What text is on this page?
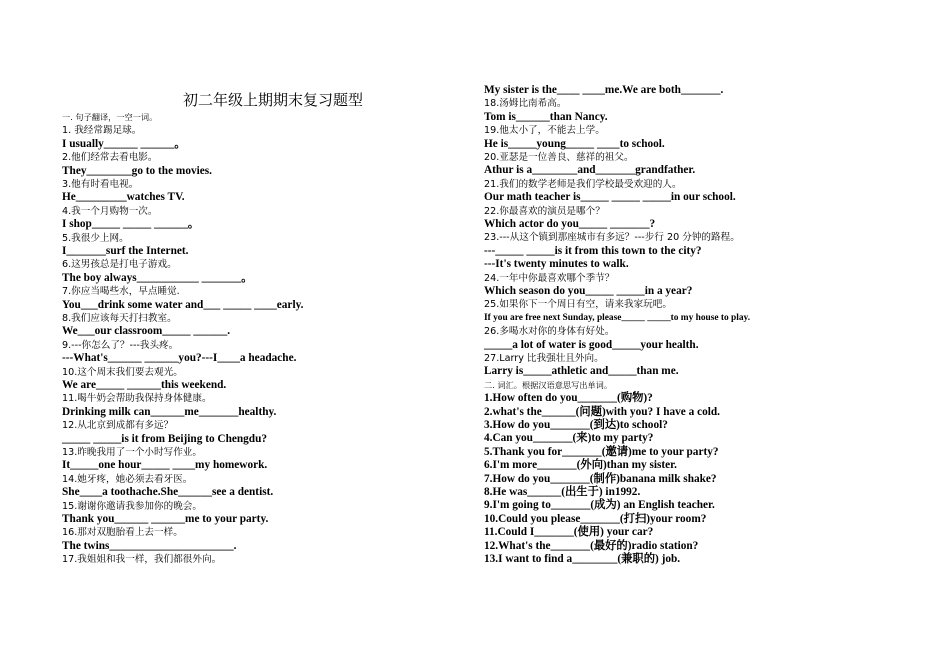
初二年级上期期末复习题型
一. 句子翻译，一空一词。
1. 我经常踢足球。
I usually______ ______。
2.他们经常去看电影。
They________go to the movies.
3.他有时看电视。
He_________watches TV.
4.我一个月购物一次。
I shop_____ _____ ______。
5.我很少上网。
I_______surf the Internet.
6.这男孩总是打电子游戏。
The boy always___________ _______。
7.你应当喝些水，早点睡觉.
You___drink some water and___ _____ ____early.
8.我们应该每天打扫教室。
We___our classroom_____ ______.
9.---你怎么了？---我头疼。
---What's______ ______you?---I____a headache.
10.这个周末我们要去观光。
We are_____ ______this weekend.
11.喝牛奶会帮助我保持身体健康。
Drinking milk can______me_______healthy.
12.从北京到成都有多远？
_____ _____is it from Beijing to Chengdu?
13.昨晚我用了一个小时写作业。
It_____one hour_____ ____my homework.
14.她牙疼，她必须去看牙医。
She____a toothache.She______see a dentist.
15.谢谢你邀请我参加你的晚会。
Thank you______ ______me to your party.
16.那对双胞胎看上去一样。
The twins______________________.
17.我姐姐和我一样，我们都很外向。
My sister is the____ ____me.We are both_______.
18.汤姆比南希高。
Tom is______than Nancy.
19.他太小了，不能去上学。
He is_____young_____ ____to school.
20.亚瑟是一位善良、慈祥的祖父。
Athur is a________and_______grandfather.
21.我们的数学老师是我们学校最受欢迎的人。
Our math teacher is_____ _____ _____in our school.
22.你最喜欢的演员是哪个？
Which actor do you_____ _______?
23.---从这个镇到那座城市有多远？---步行 20 分钟的路程。
---_____ _____is it from this town to the city?
---It's twenty minutes to walk.
24.一年中你最喜欢哪个季节？
Which season do you_____ _____in a year?
25.如果你下一个周日有空，请来我家玩吧。
If you are free next Sunday, please_____ _____to my house to play.
26.多喝水对你的身体有好处。
_____a lot of water is good_____your health.
27.Larry 比我强壮且外向。
Larry is_____athletic and_____than me.
二. 词汇。根据汉语意思写出单词。
1.How often do you_______(购物)?
2.what's the______(问题)with you? I have a cold.
3.How do you_______(到达)to school?
4.Can you_______(来)to my party?
5.Thank you for_______(邀请)me to your party?
6.I'm more_______(外向)than my sister.
7.How do you_______(制作)banana milk shake?
8.He was______(出生于) in1992.
9.I'm going to_______(成为) an English teacher.
10.Could you please_______(打扫)your room?
11.Could I_______(使用) your car?
12.What's the_______(最好的)radio station?
13.I want to find a________(兼职的) job.
